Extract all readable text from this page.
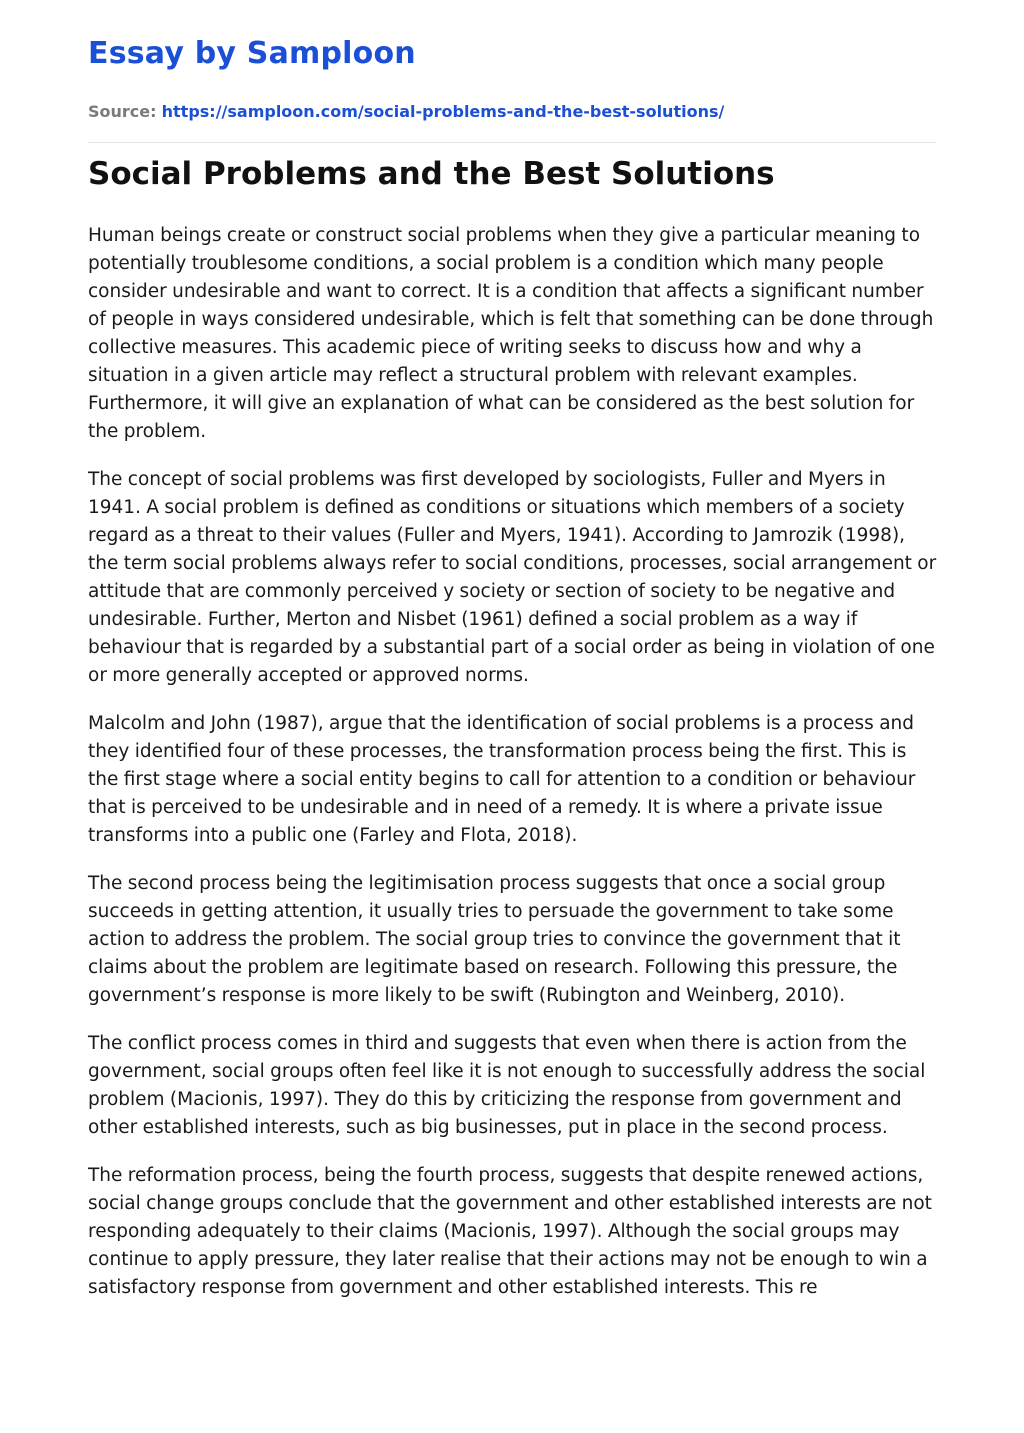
Essay by Samploon
Source: https://samploon.com/social-problems-and-the-best-solutions/
Social Problems and the Best Solutions

Human beings create or construct social problems when they give a particular meaning to potentially troublesome conditions, a social problem is a condition which many people consider undesirable and want to correct. It is a condition that affects a significant number of people in ways considered undesirable, which is felt that something can be done through collective measures. This academic piece of writing seeks to discuss how and why a situation in a given article may reflect a structural problem with relevant examples. Furthermore, it will give an explanation of what can be considered as the best solution for the problem.

The concept of social problems was first developed by sociologists, Fuller and Myers in 1941. A social problem is defined as conditions or situations which members of a society regard as a threat to their values (Fuller and Myers, 1941). According to Jamrozik (1998), the term social problems always refer to social conditions, processes, social arrangement or attitude that are commonly perceived y society or section of society to be negative and undesirable. Further, Merton and Nisbet (1961) defined a social problem as a way if behaviour that is regarded by a substantial part of a social order as being in violation of one or more generally accepted or approved norms.

Malcolm and John (1987), argue that the identification of social problems is a process and they identified four of these processes, the transformation process being the first. This is the first stage where a social entity begins to call for attention to a condition or behaviour that is perceived to be undesirable and in need of a remedy. It is where a private issue transforms into a public one (Farley and Flota, 2018).

The second process being the legitimisation process suggests that once a social group succeeds in getting attention, it usually tries to persuade the government to take some action to address the problem. The social group tries to convince the government that it claims about the problem are legitimate based on research. Following this pressure, the government’s response is more likely to be swift (Rubington and Weinberg, 2010).

The conflict process comes in third and suggests that even when there is action from the government, social groups often feel like it is not enough to successfully address the social problem (Macionis, 1997). They do this by criticizing the response from government and other established interests, such as big businesses, put in place in the second process.

The reformation process, being the fourth process, suggests that despite renewed actions, social change groups conclude that the government and other established interests are not responding adequately to their claims (Macionis, 1997). Although the social groups may continue to apply pressure, they later realise that their actions may not be enough to win a satisfactory response from government and other established interests. This re
